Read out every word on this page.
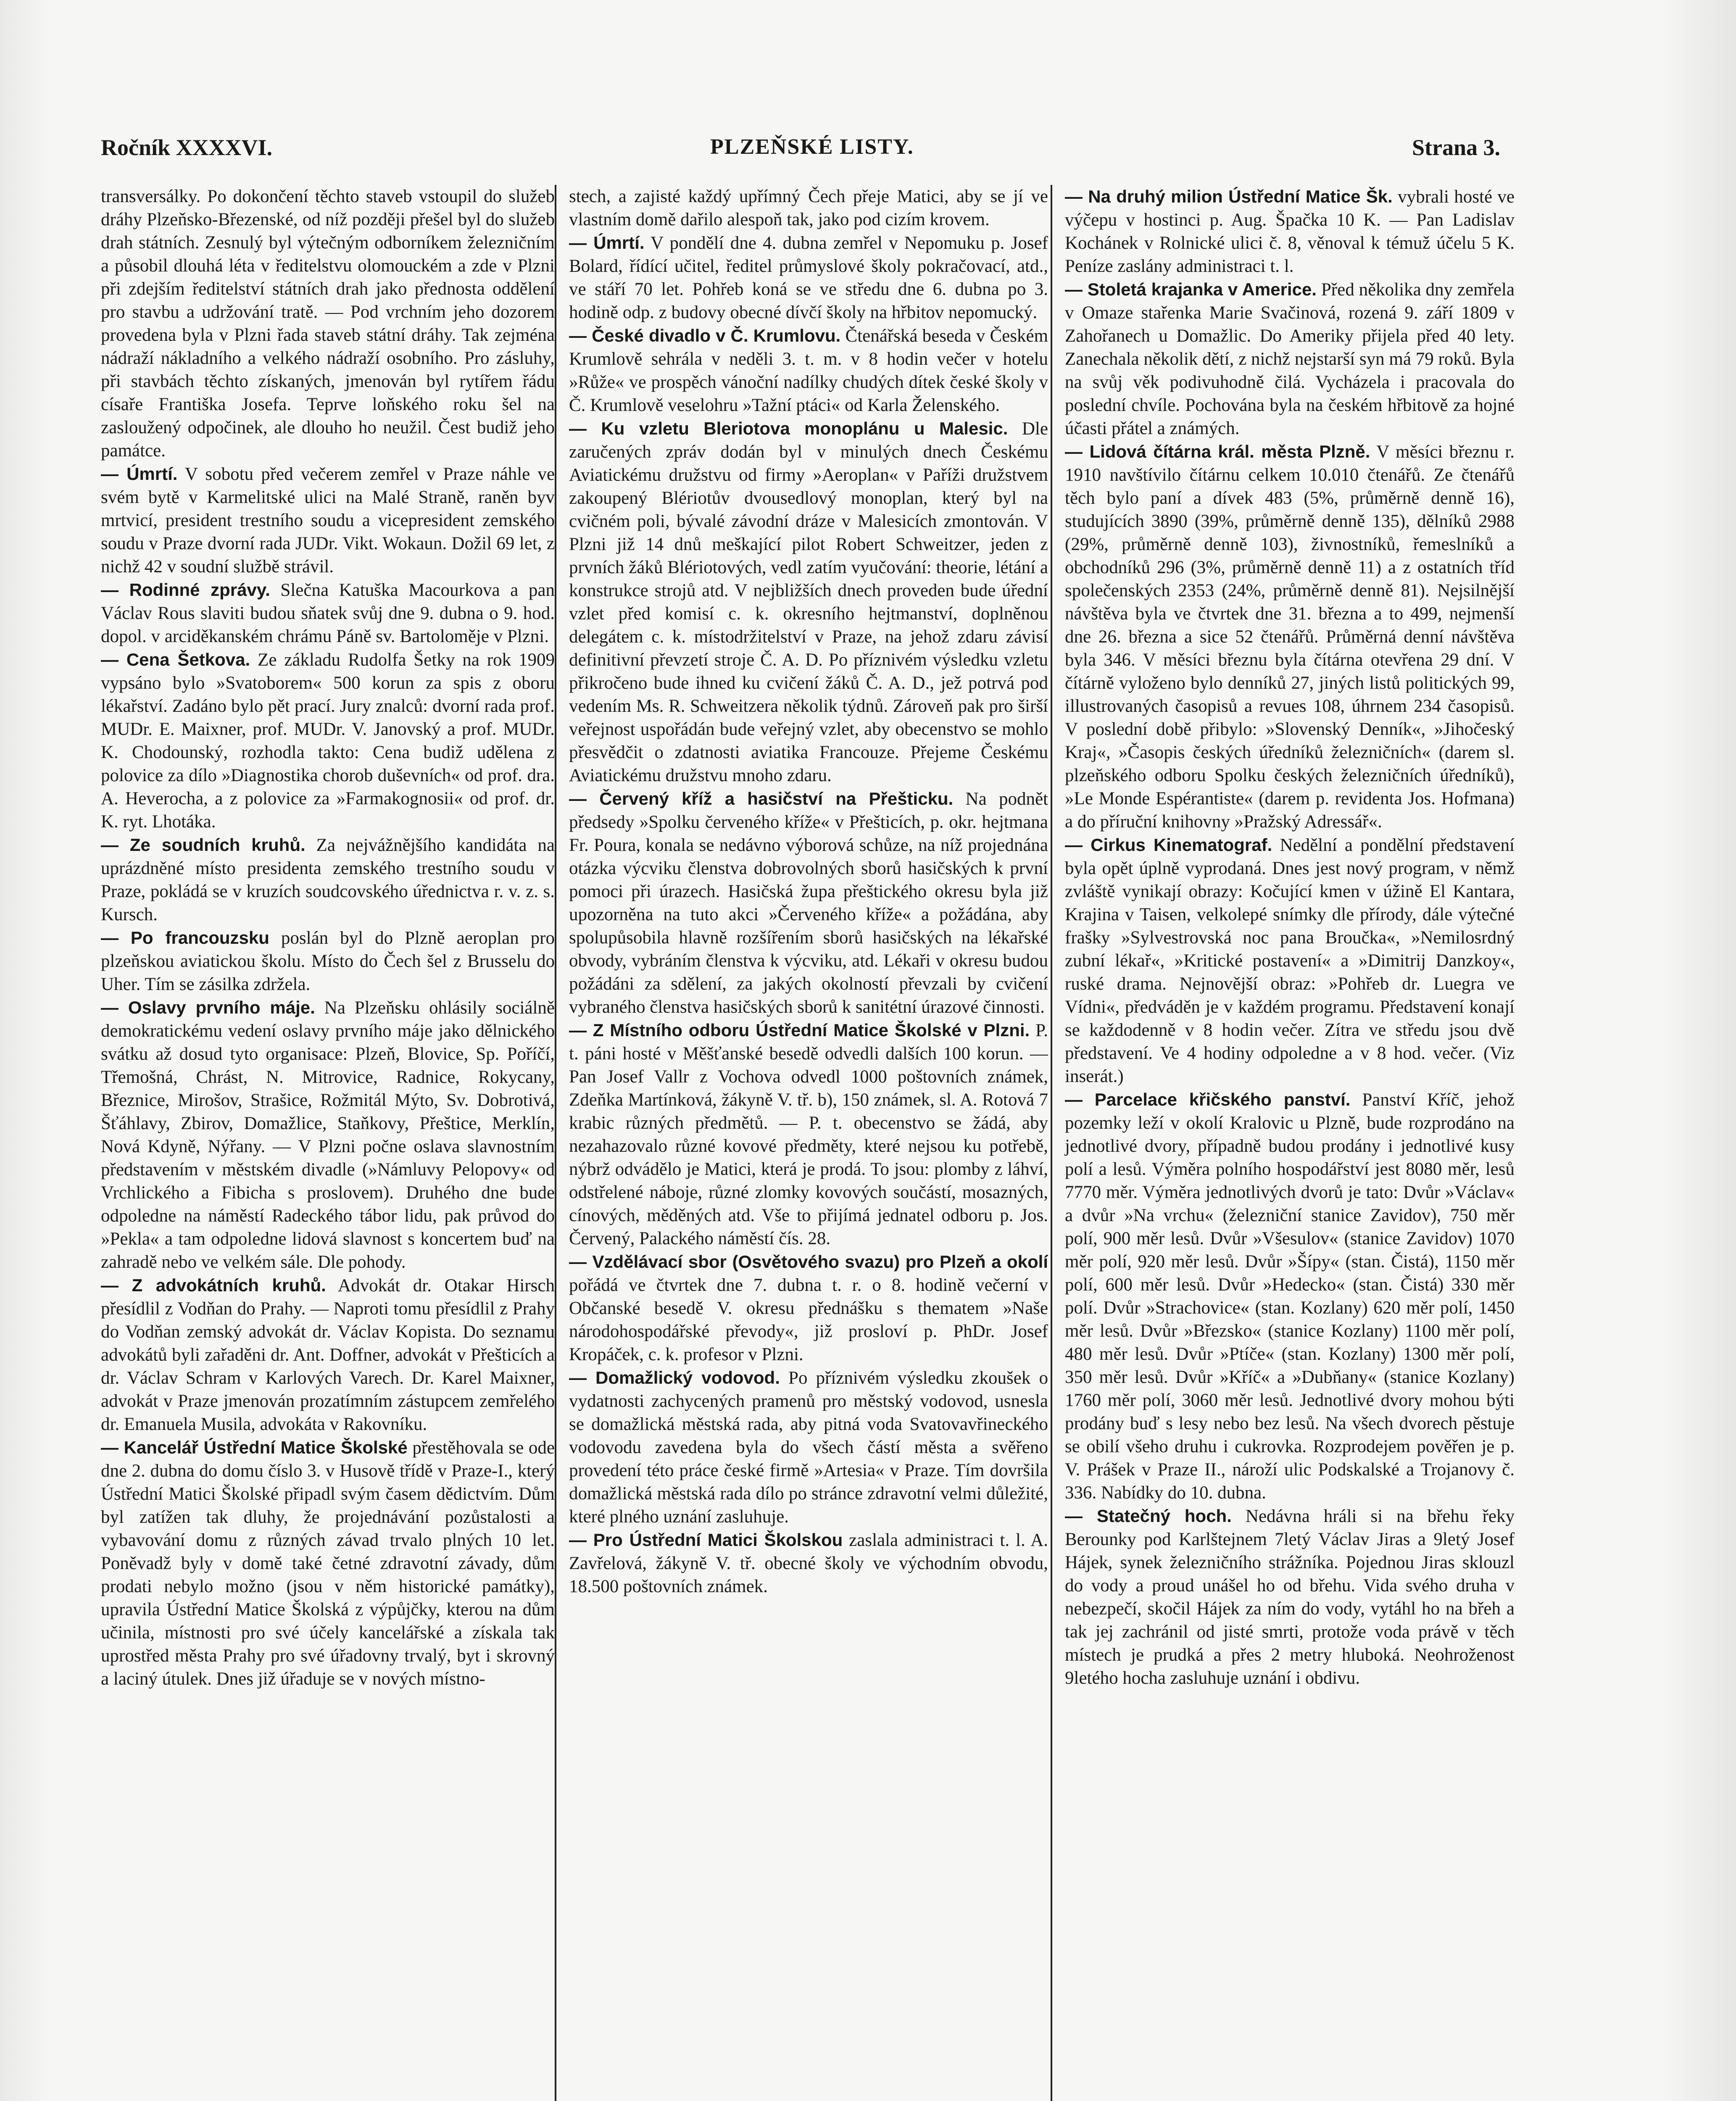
Ročník XXXXVI.	PLZEŇSKÉ LISTY.	Strana 3.

transversálky. Po dokončení těchto staveb vstoupil do služeb dráhy Plzeňsko-Březenské, od níž později přešel byl do služeb drah státních. Zesnulý byl výtečným odborníkem železničním a působil dlouhá léta v ředitelstvu olomouckém a zde v Plzni při zdejším ředitelství státních drah jako přednosta oddělení pro stavbu a udržování tratě. — Pod vrchním jeho dozorem provedena byla v Plzni řada staveb státní dráhy. Tak zejména nádraží nákladního a velkého nádraží osobního. Pro zásluhy, při stavbách těchto získaných, jmenován byl rytířem řádu císaře Františka Josefa. Teprve loňského roku šel na zasloužený odpočinek, ale dlouho ho neužil. Čest budiž jeho památce.

— Úmrtí. V sobotu před večerem zemřel v Praze náhle ve svém bytě v Karmelitské ulici na Malé Straně, raněn byv mrtvicí, president trestního soudu a vicepresident zemského soudu v Praze dvorní rada JUDr. Vikt. Wokaun. Dožil 69 let, z nichž 42 v soudní službě strávil.

— Rodinné zprávy. Slečna Katuška Macourkova a pan Václav Rous slaviti budou sňatek svůj dne 9. dubna o 9. hod. dopol. v arciděkanském chrámu Páně sv. Bartoloměje v Plzni.

— Cena Šetkova. Ze základu Rudolfa Šetky na rok 1909 vypsáno bylo »Svatoborem« 500 korun za spis z oboru lékařství. Zadáno bylo pět prací. Jury znalců: dvorní rada prof. MUDr. E. Maixner, prof. MUDr. V. Janovský a prof. MUDr. K. Chodounský, rozhodla takto: Cena budiž udělena z polovice za dílo »Diagnostika chorob duševních« od prof. dra. A. Heverocha, a z polovice za »Farmakognosii« od prof. dr. K. ryt. Lhotáka.

— Ze soudních kruhů. Za nejvážnějšího kandidáta na uprázdněné místo presidenta zemského trestního soudu v Praze, pokládá se v kruzích soudcovského úřednictva r. v. z. s. Kursch.

— Po francouzsku poslán byl do Plzně aeroplan pro plzeňskou aviatickou školu. Místo do Čech šel z Brusselu do Uher. Tím se zásilka zdržela.

— Oslavy prvního máje. Na Plzeňsku ohlásily sociálně demokratickému vedení oslavy prvního máje jako dělnického svátku až dosud tyto organisace: Plzeň, Blovice, Sp. Poříčí, Třemošná, Chrást, N. Mitrovice, Radnice, Rokycany, Březnice, Mirošov, Strašice, Rožmitál Mýto, Sv. Dobrotivá, Šťáhlavy, Zbirov, Domažlice, Staňkovy, Přeštice, Merklín, Nová Kdyně, Nýřany. — V Plzni počne oslava slavnostním představením v městském divadle (»Námluvy Pelopovy« od Vrchlického a Fibicha s proslovem). Druhého dne bude odpoledne na náměstí Radeckého tábor lidu, pak průvod do »Pekla« a tam odpoledne lidová slavnost s koncertem buď na zahradě nebo ve velkém sále. Dle pohody.

— Z advokátních kruhů. Advokát dr. Otakar Hirsch přesídlil z Vodňan do Prahy. — Naproti tomu přesídlil z Prahy do Vodňan zemský advokát dr. Václav Kopista. Do seznamu advokátů byli zařaděni dr. Ant. Doffner, advokát v Přešticích a dr. Václav Schram v Karlových Varech. Dr. Karel Maixner, advokát v Praze jmenován prozatímním zástupcem zemřelého dr. Emanuela Musila, advokáta v Rakovníku.

— Kancelář Ústřední Matice Školské přestěhovala se ode dne 2. dubna do domu číslo 3. v Husově třídě v Praze-I., který Ústřední Matici Školské připadl svým časem dědictvím. Dům byl zatížen tak dluhy, že projednávání pozůstalosti a vybavování domu z různých závad trvalo plných 10 let. Poněvadž byly v domě také četné zdravotní závady, dům prodati nebylo možno (jsou v něm historické památky), upravila Ústřední Matice Školská z výpůjčky, kterou na dům učinila, místnosti pro své účely kancelářské a získala tak uprostřed města Prahy pro své úřadovny trvalý, byt i skrovný a laciný útulek. Dnes již úřaduje se v nových místno-

stech, a zajisté každý upřímný Čech přeje Matici, aby se jí ve vlastním domě dařilo alespoň tak, jako pod cizím krovem.

— Úmrtí. V pondělí dne 4. dubna zemřel v Nepomuku p. Josef Bolard, řídící učitel, ředitel průmyslové školy pokračovací, atd., ve stáří 70 let. Pohřeb koná se ve středu dne 6. dubna po 3. hodině odp. z budovy obecné dívčí školy na hřbitov nepomucký.

— České divadlo v Č. Krumlovu. Čtenářská beseda v Českém Krumlově sehrála v neděli 3. t. m. v 8 hodin večer v hotelu »Růže« ve prospěch vánoční nadílky chudých dítek české školy v Č. Krumlově veselohru »Tažní ptáci« od Karla Želenského.

— Ku vzletu Bleriotova monoplánu u Malesic. Dle zaručených zpráv dodán byl v minulých dnech Českému Aviatickému družstvu od firmy »Aeroplan« v Paříži družstvem zakoupený Blériotův dvousedlový monoplan, který byl na cvičném poli, bývalé závodní dráze v Malesicích zmontován. V Plzni již 14 dnů meškající pilot Robert Schweitzer, jeden z prvních žáků Blériotových, vedl zatím vyučování: theorie, létání a konstrukce strojů atd. V nejbližších dnech proveden bude úřední vzlet před komisí c. k. okresního hejtmanství, doplněnou delegátem c. k. místodržitelství v Praze, na jehož zdaru závisí definitivní převzetí stroje Č. A. D. Po příznivém výsledku vzletu přikročeno bude ihned ku cvičení žáků Č. A. D., jež potrvá pod vedením Ms. R. Schweitzera několik týdnů. Zároveň pak pro širší veřejnost uspořádán bude veřejný vzlet, aby obecenstvo se mohlo přesvědčit o zdatnosti aviatika Francouze. Přejeme Českému Aviatickému družstvu mnoho zdaru.

— Červený kříž a hasičství na Přešticku. Na podnět předsedy »Spolku červeného kříže« v Přešticích, p. okr. hejtmana Fr. Poura, konala se nedávno výborová schůze, na níž projednána otázka výcviku členstva dobrovolných sborů hasičských k první pomoci při úrazech. Hasičská župa přeštického okresu byla již upozorněna na tuto akci »Červeného kříže« a požádána, aby spolupůsobila hlavně rozšířením sborů hasičských na lékařské obvody, vybráním členstva k výcviku, atd. Lékaři v okresu budou požádáni za sdělení, za jakých okolností převzali by cvičení vybraného členstva hasičských sborů k sanitétní úrazové činnosti.

— Z Místního odboru Ústřední Matice Školské v Plzni. P. t. páni hosté v Měšťanské besedě odvedli dalších 100 korun. — Pan Josef Vallr z Vochova odvedl 1000 poštovních známek, Zdeňka Martínková, žákyně V. tř. b), 150 známek, sl. A. Rotová 7 krabic různých předmětů. — P. t. obecenstvo se žádá, aby nezahazovalo různé kovové předměty, které nejsou ku potřebě, nýbrž odvádělo je Matici, která je prodá. To jsou: plomby z láhví, odstřelené náboje, různé zlomky kovových součástí, mosazných, cínových, měděných atd. Vše to přijímá jednatel odboru p. Jos. Červený, Palackého náměstí čís. 28.

— Vzdělávací sbor (Osvětového svazu) pro Plzeň a okolí pořádá ve čtvrtek dne 7. dubna t. r. o 8. hodině večerní v Občanské besedě V. okresu přednášku s thematem »Naše národohospodářské převody«, již prosloví p. PhDr. Josef Kropáček, c. k. profesor v Plzni.

— Domažlický vodovod. Po příznivém výsledku zkoušek o vydatnosti zachycených pramenů pro městský vodovod, usnesla se domažlická městská rada, aby pitná voda Svatovavřineckého vodovodu zavedena byla do všech částí města a svěřeno provedení této práce české firmě »Artesia« v Praze. Tím dovršila domažlická městská rada dílo po stránce zdravotní velmi důležité, které plného uznání zasluhuje.

— Pro Ústřední Matici Školskou zaslala administraci t. l. A. Zavřelová, žákyně V. tř. obecné školy ve východním obvodu, 18.500 poštovních známek.

— Na druhý milion Ústřední Matice Šk. vybrali hosté ve výčepu v hostinci p. Aug. Špačka 10 K. — Pan Ladislav Kochánek v Rolnické ulici č. 8, věnoval k témuž účelu 5 K. Peníze zaslány administraci t. l.

— Stoletá krajanka v Americe. Před několika dny zemřela v Omaze stařenka Marie Svačinová, rozená 9. září 1809 v Zahořanech u Domažlic. Do Ameriky přijela před 40 lety. Zanechala několik dětí, z nichž nejstarší syn má 79 roků. Byla na svůj věk podivuhodně čilá. Vycházela i pracovala do poslední chvíle. Pochována byla na českém hřbitově za hojné účasti přátel a známých.

— Lidová čítárna král. města Plzně. V měsíci březnu r. 1910 navštívilo čítárnu celkem 10.010 čtenářů. Ze čtenářů těch bylo paní a dívek 483 (5%, průměrně denně 16), studujících 3890 (39%, průměrně denně 135), dělníků 2988 (29%, průměrně denně 103), živnostníků, řemeslníků a obchodníků 296 (3%, průměrně denně 11) a z ostatních tříd společenských 2353 (24%, průměrně denně 81). Nejsilnější návštěva byla ve čtvrtek dne 31. března a to 499, nejmenší dne 26. března a sice 52 čtenářů. Průměrná denní návštěva byla 346. V měsíci březnu byla čítárna otevřena 29 dní. V čítárně vyloženo bylo denníků 27, jiných listů politických 99, illustrovaných časopisů a revues 108, úhrnem 234 časopisů. V poslední době přibylo: »Slovenský Denník«, »Jihočeský Kraj«, »Časopis českých úředníků železničních« (darem sl. plzeňského odboru Spolku českých železničních úředníků), »Le Monde Espérantiste« (darem p. revidenta Jos. Hofmana) a do příruční knihovny »Pražský Adressář«.

— Cirkus Kinematograf. Nedělní a pondělní představení byla opět úplně vyprodaná. Dnes jest nový program, v němž zvláště vynikají obrazy: Kočující kmen v úžině El Kantara, Krajina v Taisen, velkolepé snímky dle přírody, dále výtečné frašky »Sylvestrovská noc pana Broučka«, »Nemilosrdný zubní lékař«, »Kritické postavení« a »Dimitrij Danzkoy«, ruské drama. Nejnovější obraz: »Pohřeb dr. Luegra ve Vídni«, předváděn je v každém programu. Představení konají se každodenně v 8 hodin večer. Zítra ve středu jsou dvě představení. Ve 4 hodiny odpoledne a v 8 hod. večer. (Viz inserát.)

— Parcelace křičského panství. Panství Kříč, jehož pozemky leží v okolí Kralovic u Plzně, bude rozprodáno na jednotlivé dvory, případně budou prodány i jednotlivé kusy polí a lesů. Výměra polního hospodářství jest 8080 měr, lesů 7770 měr. Výměra jednotlivých dvorů je tato: Dvůr »Václav« a dvůr »Na vrchu« (železniční stanice Zavidov), 750 měr polí, 900 měr lesů. Dvůr »Všesulov« (stanice Zavidov) 1070 měr polí, 920 měr lesů. Dvůr »Šípy« (stan. Čistá), 1150 měr polí, 600 měr lesů. Dvůr »Hedecko« (stan. Čistá) 330 měr polí. Dvůr »Strachovice« (stan. Kozlany) 620 měr polí, 1450 měr lesů. Dvůr »Březsko« (stanice Kozlany) 1100 měr polí, 480 měr lesů. Dvůr »Ptíče« (stan. Kozlany) 1300 měr polí, 350 měr lesů. Dvůr »Kříč« a »Dubňany« (stanice Kozlany) 1760 měr polí, 3060 měr lesů. Jednotlivé dvory mohou býti prodány buď s lesy nebo bez lesů. Na všech dvorech pěstuje se obilí všeho druhu i cukrovka. Rozprodejem pověřen je p. V. Prášek v Praze II., nároží ulic Podskalské a Trojanovy č. 336. Nabídky do 10. dubna.

— Statečný hoch. Nedávna hráli si na břehu řeky Berounky pod Karlštejnem 7letý Václav Jiras a 9letý Josef Hájek, synek železničního strážníka. Pojednou Jiras sklouzl do vody a proud unášel ho od břehu. Vida svého druha v nebezpečí, skočil Hájek za ním do vody, vytáhl ho na břeh a tak jej zachránil od jisté smrti, protože voda právě v těch místech je prudká a přes 2 metry hluboká. Neohroženost 9letého hocha zasluhuje uznání i obdivu.
